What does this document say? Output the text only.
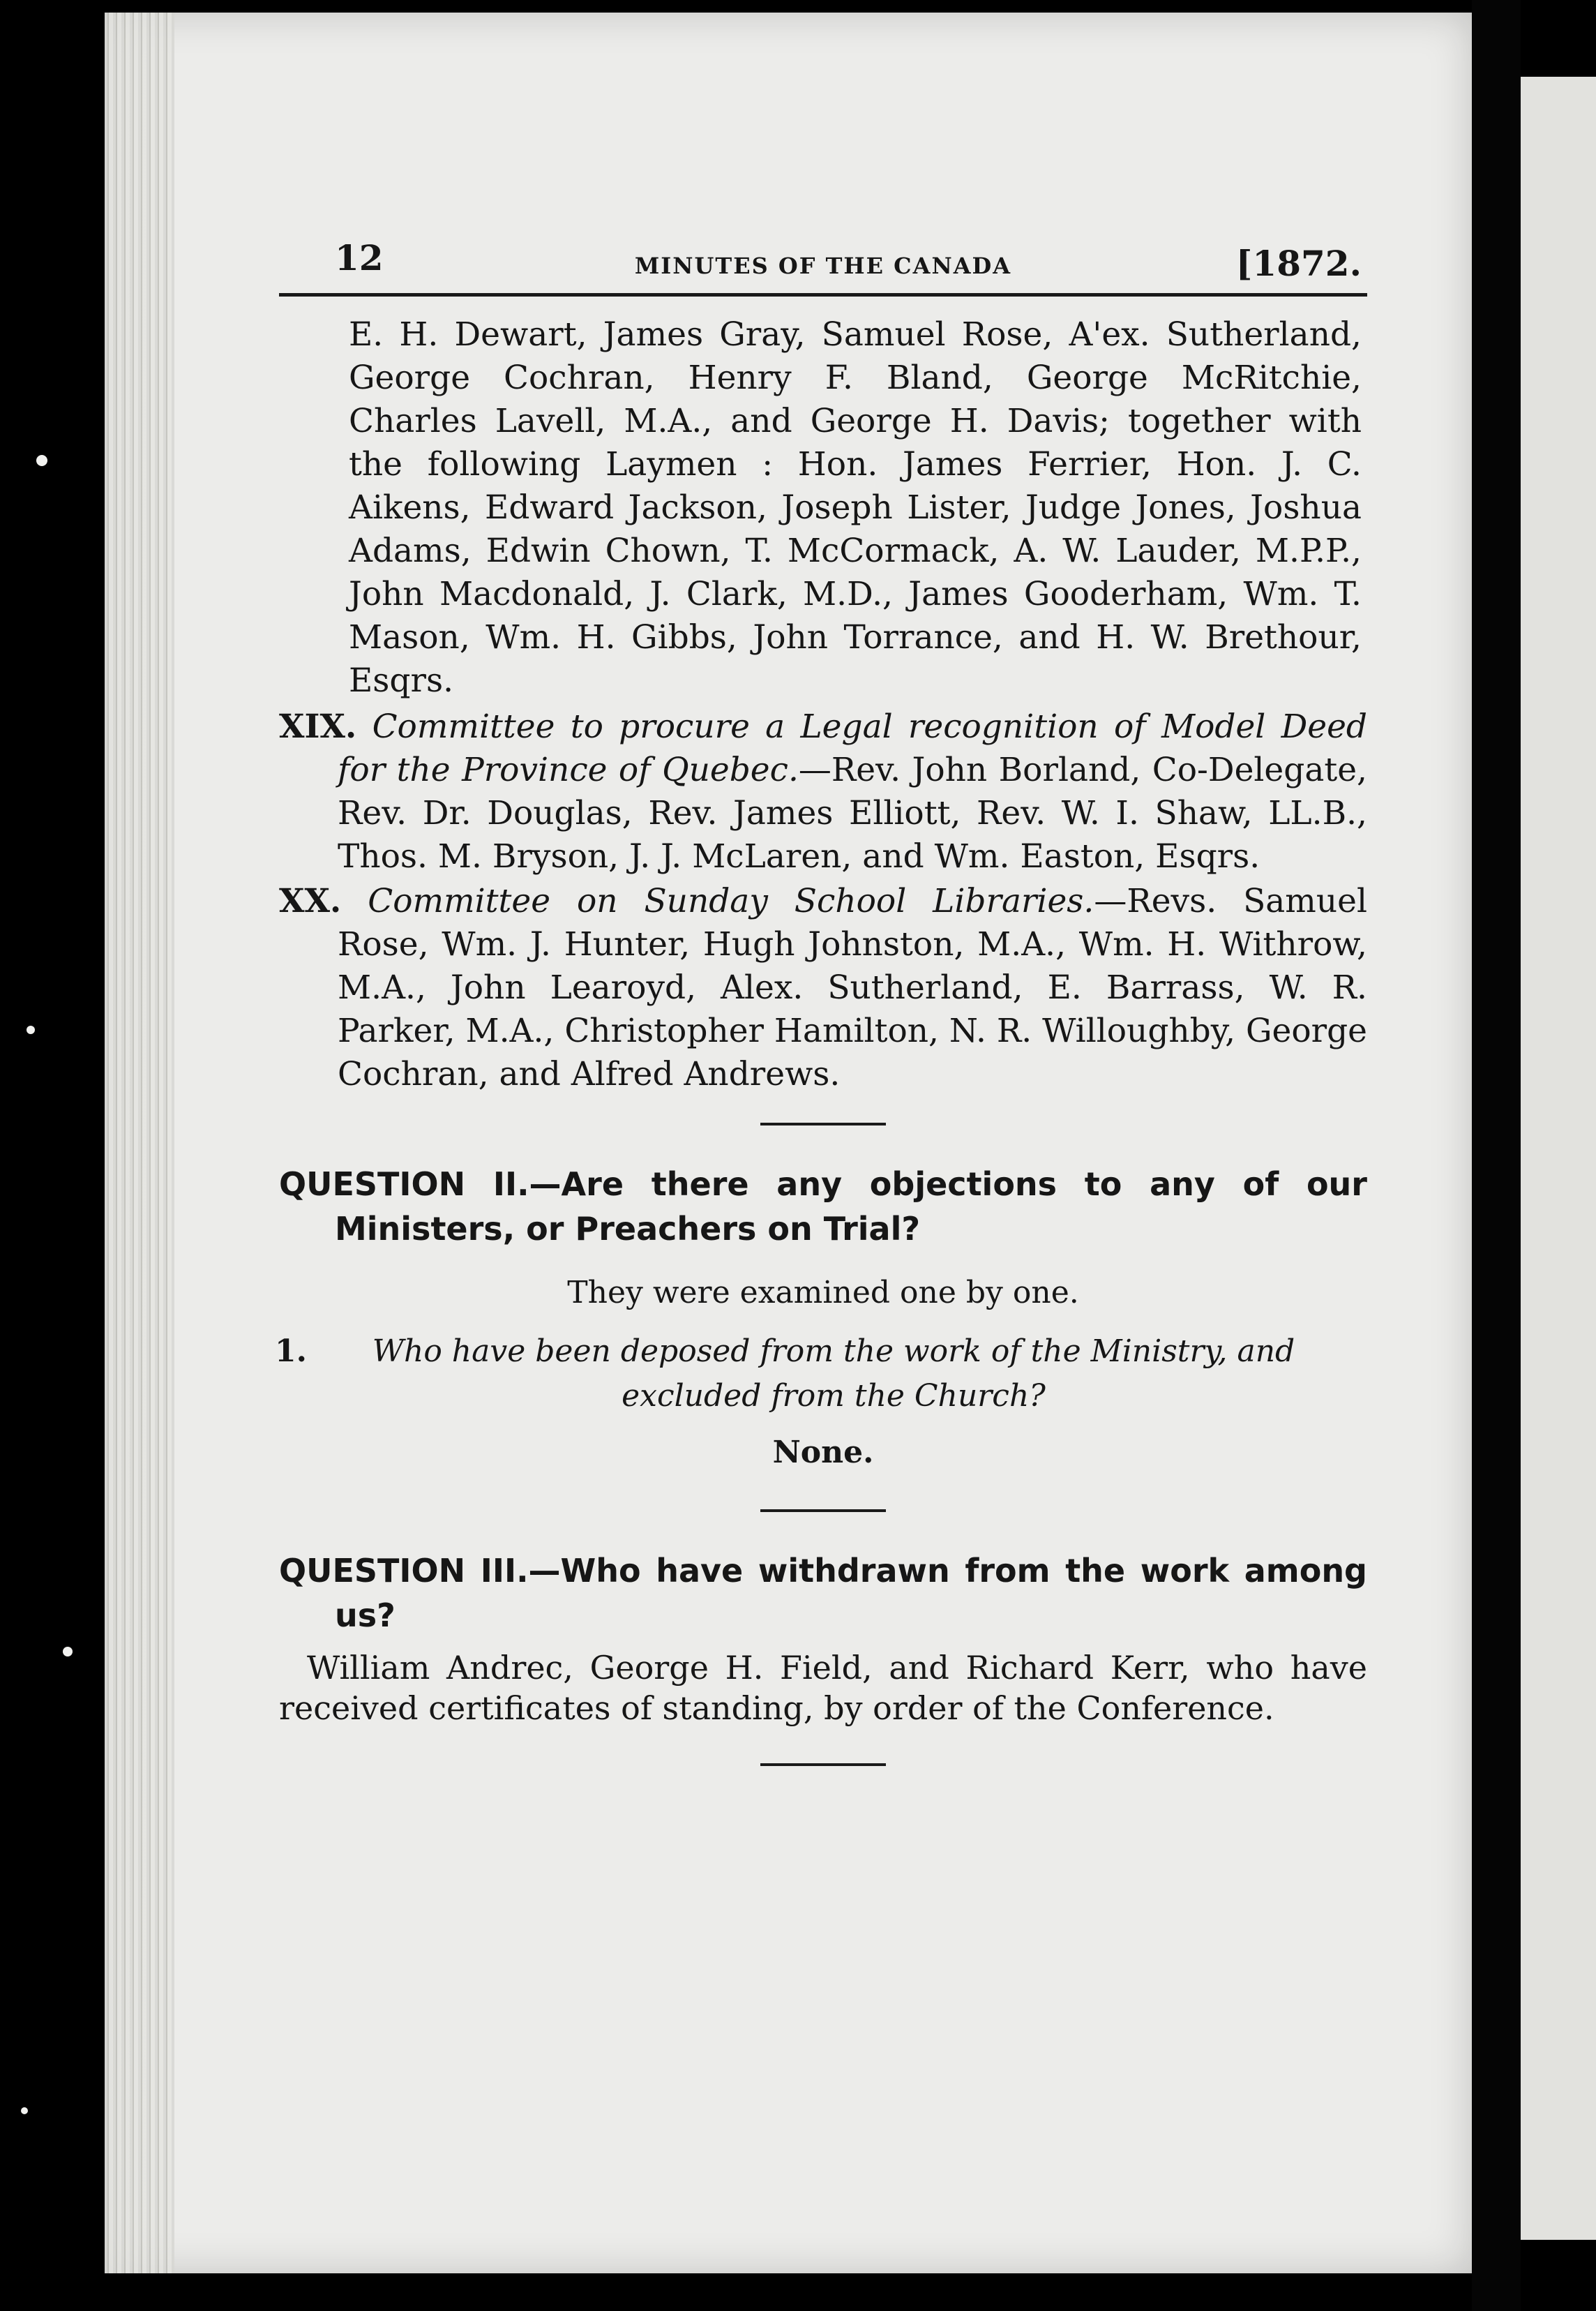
12	MINUTES OF THE CANADA	[1872.
E. H. Dewart, James Gray, Samuel Rose, A'ex. Sutherland, George Cochran, Henry F. Bland, George McRitchie, Charles Lavell, M.A., and George H. Davis; together with the following Laymen : Hon. James Ferrier, Hon. J. C. Aikens, Edward Jackson, Joseph Lister, Judge Jones, Joshua Adams, Edwin Chown, T. McCormack, A. W. Lauder, M.P.P., John Macdonald, J. Clark, M.D., James Gooderham, Wm. T. Mason, Wm. H. Gibbs, John Torrance, and H. W. Brethour, Esqrs.
XIX. Committee to procure a Legal recognition of Model Deed for the Province of Quebec.—Rev. John Borland, Co-Delegate, Rev. Dr. Douglas, Rev. James Elliott, Rev. W. I. Shaw, LL.B., Thos. M. Bryson, J. J. McLaren, and Wm. Easton, Esqrs.
XX. Committee on Sunday School Libraries.—Revs. Samuel Rose, Wm. J. Hunter, Hugh Johnston, M.A., Wm. H. Withrow, M.A., John Learoyd, Alex. Sutherland, E. Barrass, W. R. Parker, M.A., Christopher Hamilton, N. R. Willoughby, George Cochran, and Alfred Andrews.
QUESTION II.—Are there any objections to any of our Ministers, or Preachers on Trial?
They were examined one by one.
1. Who have been deposed from the work of the Ministry, and excluded from the Church?
None.
QUESTION III.—Who have withdrawn from the work among us?
William Andrec, George H. Field, and Richard Kerr, who have received certificates of standing, by order of the Conference.
